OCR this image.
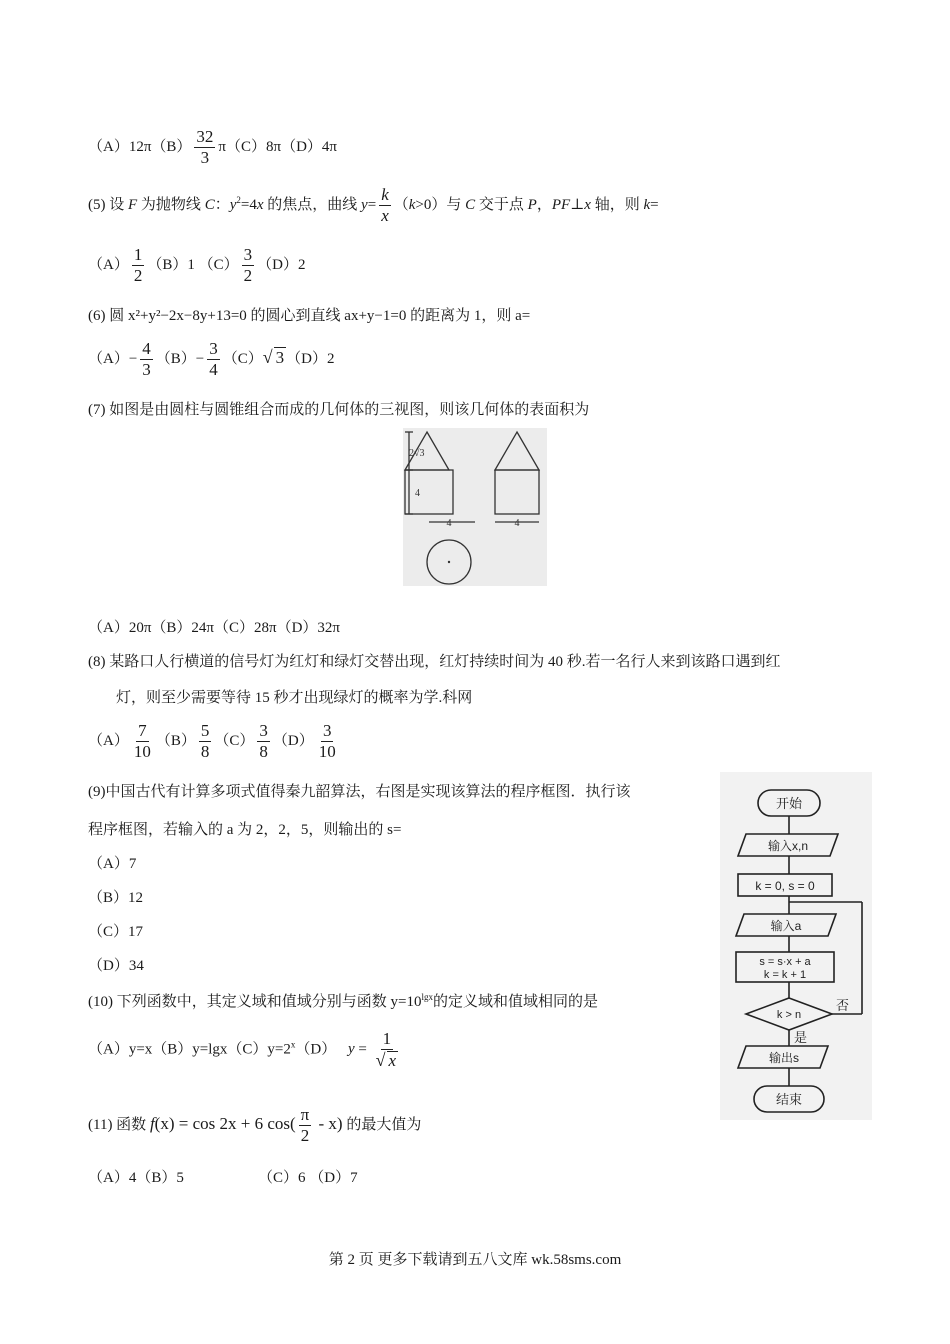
$(A)12\pi(B) \frac{32}{3} \pi(C)8\pi(D)4\pi$
(5) 设 F 为抛物线 C：$y^2=4x$ 的焦点，曲线 $y= \frac{k}{x} (k>0)$与 C 交于点 P，PF⊥x 轴，则 k=
$(A) \frac{1}{2} (B)1$ $(C) \frac{3}{2} (D)2$
(6) 圆 x²+y²−2x−8y+13=0 的圆心到直线 ax+y−1=0 的距离为 1，则 a=
$(A)- \frac{4}{3} (B)- \frac{3}{4} (C)√$ 3 （D）2
(7) 如图是由圆柱与圆锥组合而成的几何体的三视图，则该几何体的表面积为
2√3
4
4	4
（A）20π（B）24π（C）28π（D）32π
(8) 某路口人行横道的信号灯为红灯和绿灯交替出现，红灯持续时间为 40 秒.若一名行人来到该路口遇到红
灯，则至少需要等待 15 秒才出现绿灯的概率为学.科网
$(A) \frac{7}{10} (B) \frac{5}{8} (C) \frac{3}{8} (D) \frac{3}{10}$
(9)中国古代有计算多项式值得秦九韶算法，右图是实现该算法的程序框图．执行该
程序框图，若输入的 a 为 2，2，5，则输出的 s=
（A）7
（B）12
（C）17
（D）34
开始
输入x,n
k = 0, s = 0
输入a
s = s·x + a
k = k + 1
k > n
否
是
输出s
结束
(10) 下列函数中，其定义域和值域分别与函数 $y=10^{lgx}$的定义域和值域相同的是
$(A)y=x(B)y=\lg x(C)y=2^x(D) y = \frac{1}{√ x}$
(11) 函数 f(x) = cos 2x + 6 $\cos( \frac{\pi}{2} - x)$ 的最大值为
（A）4（B）5	（C）6 （D）7
第 2 页 更多下载请到五八文库 wk.58sms.com
